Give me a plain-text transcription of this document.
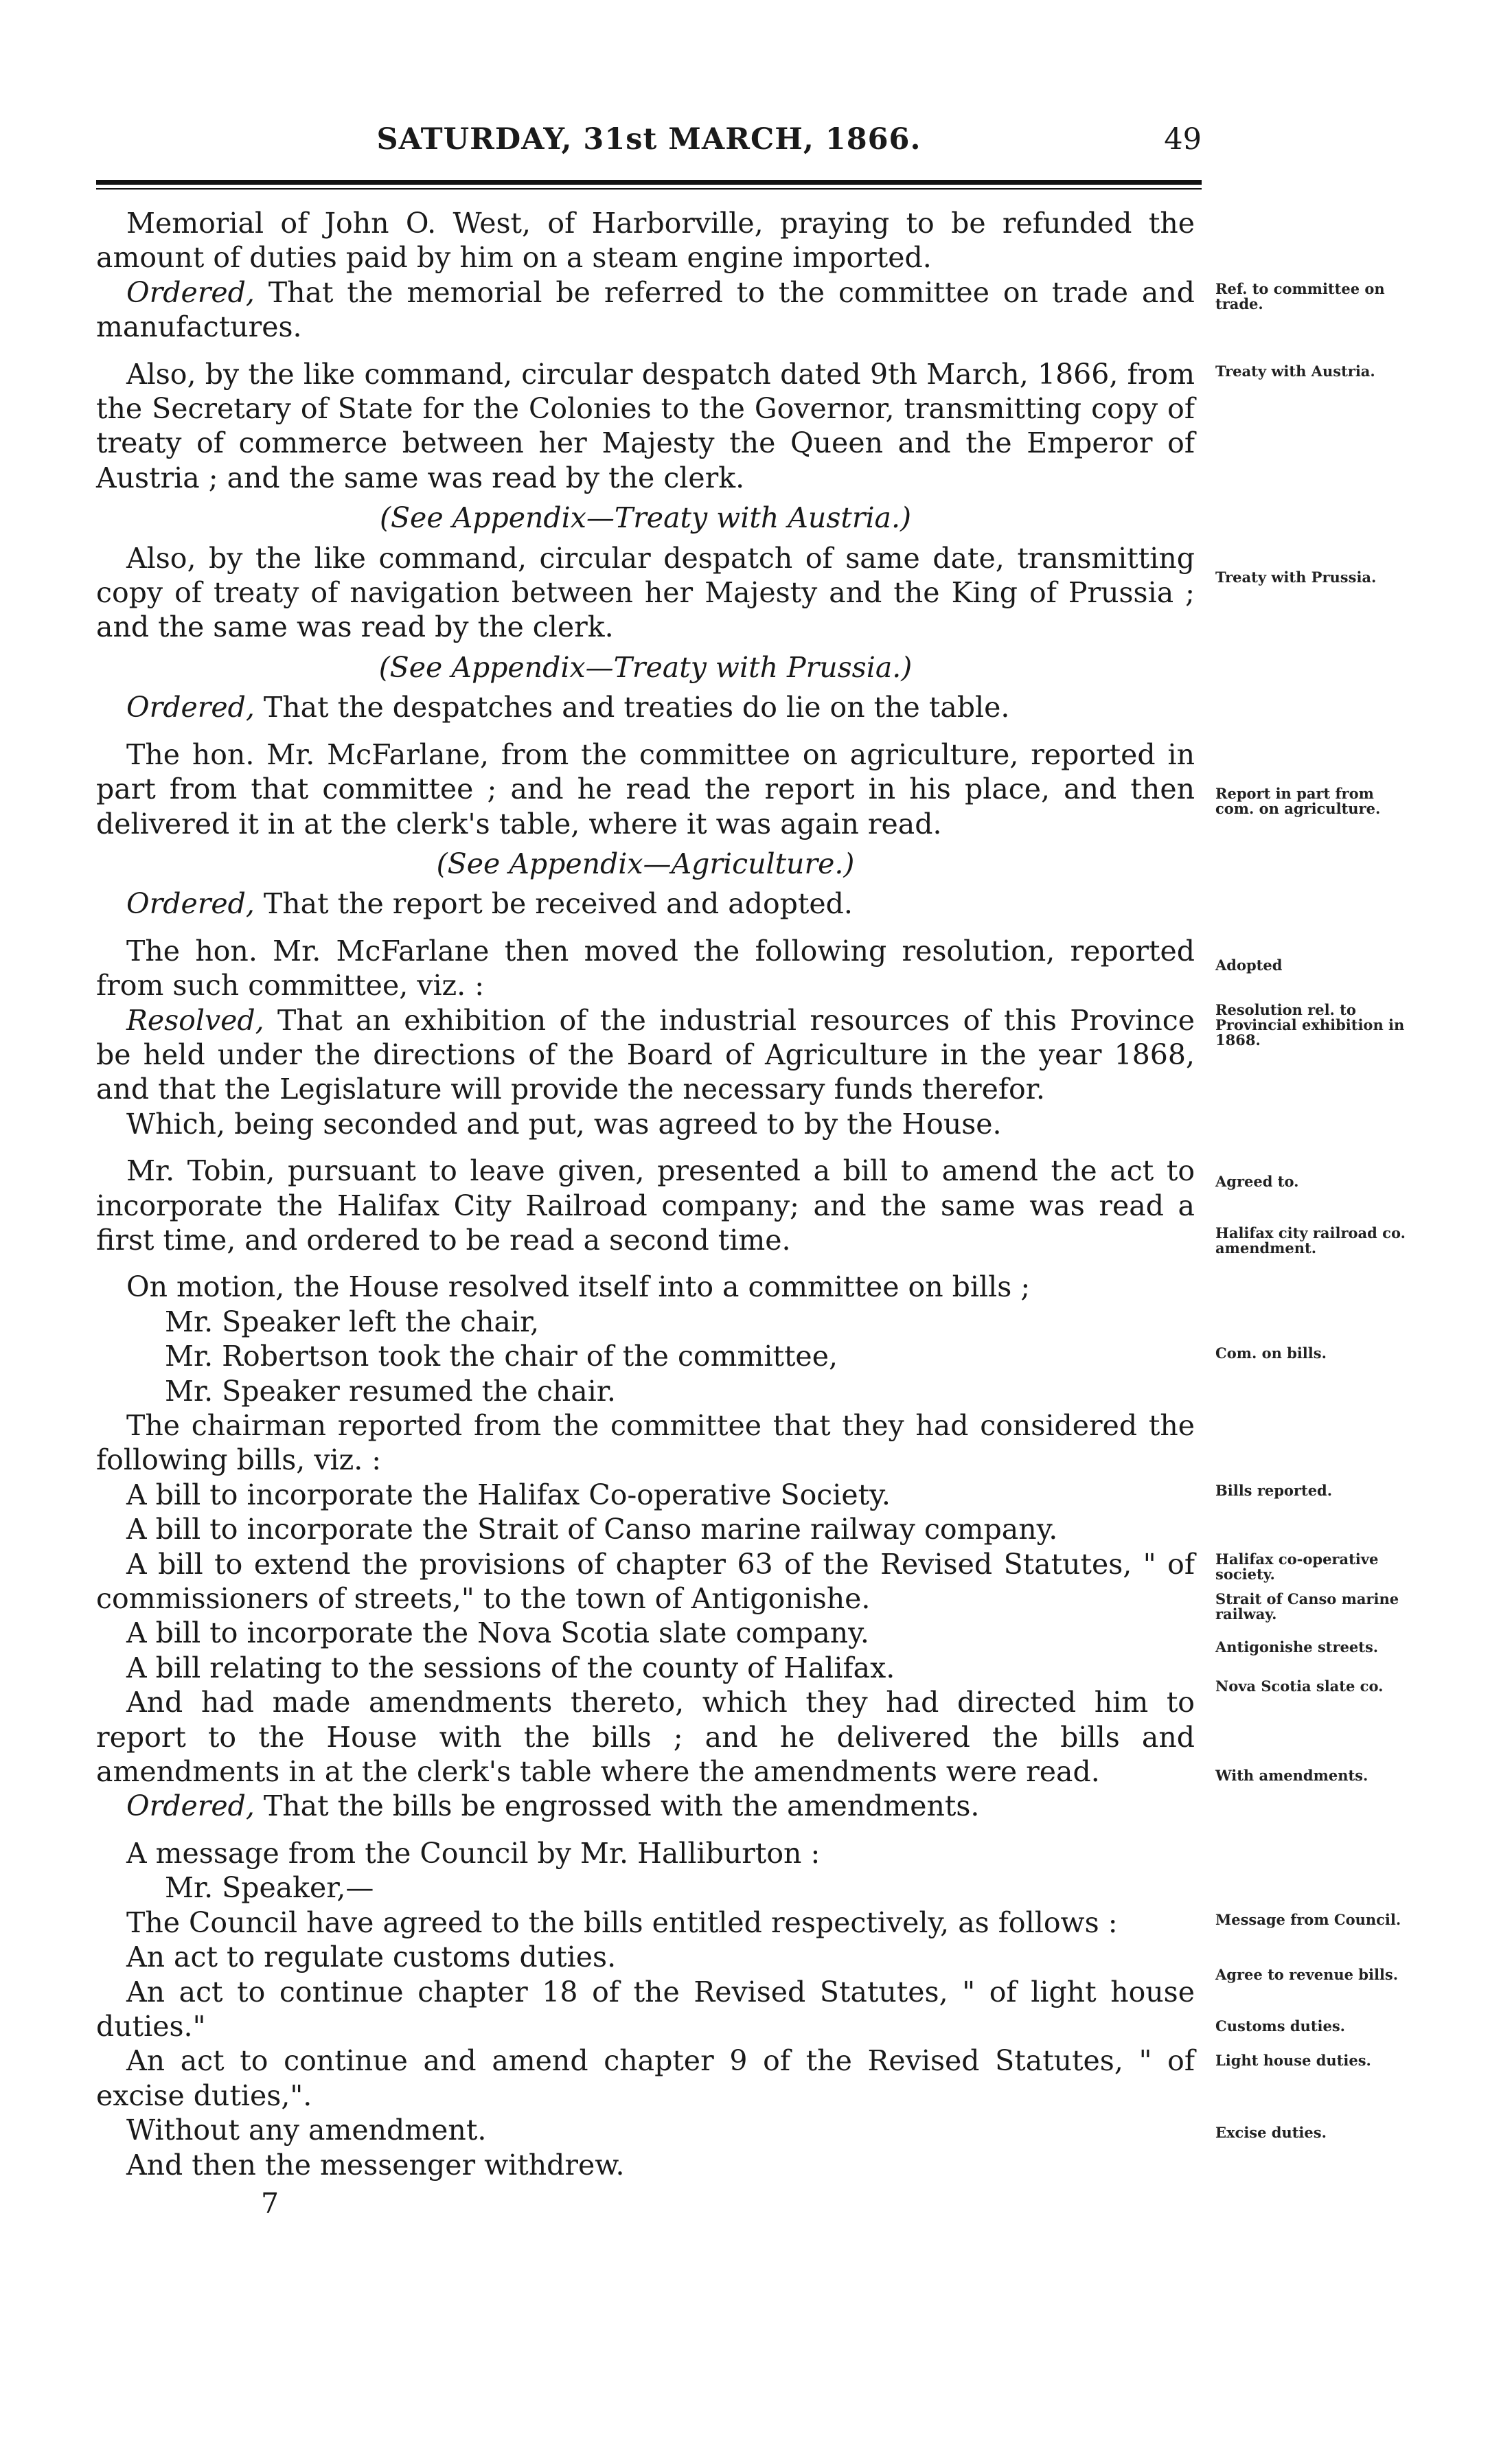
SATURDAY, 31st MARCH, 1866.	49

Memorial of John O. West, of Harborville, praying to be refunded the amount of duties paid by him on a steam engine imported.

Ordered, That the memorial be referred to the committee on trade and manufactures.

Also, by the like command, circular despatch dated 9th March, 1866, from the Secretary of State for the Colonies to the Governor, transmitting copy of treaty of commerce between her Majesty the Queen and the Emperor of Austria ; and the same was read by the clerk.

(See Appendix—Treaty with Austria.)

Also, by the like command, circular despatch of same date, transmitting copy of treaty of navigation between her Majesty and the King of Prussia ; and the same was read by the clerk.

(See Appendix—Treaty with Prussia.)

Ordered, That the despatches and treaties do lie on the table.

The hon. Mr. McFarlane, from the committee on agriculture, reported in part from that committee ; and he read the report in his place, and then delivered it in at the clerk's table, where it was again read.

(See Appendix—Agriculture.)

Ordered, That the report be received and adopted.

The hon. Mr. McFarlane then moved the following resolution, reported from such committee, viz. :

Resolved, That an exhibition of the industrial resources of this Province be held under the directions of the Board of Agriculture in the year 1868, and that the Legislature will provide the necessary funds therefor.

Which, being seconded and put, was agreed to by the House.

Mr. Tobin, pursuant to leave given, presented a bill to amend the act to incorporate the Halifax City Railroad company; and the same was read a first time, and ordered to be read a second time.

On motion, the House resolved itself into a committee on bills ;

Mr. Speaker left the chair,

Mr. Robertson took the chair of the committee,

Mr. Speaker resumed the chair.

The chairman reported from the committee that they had considered the following bills, viz. :

A bill to incorporate the Halifax Co-operative Society.

A bill to incorporate the Strait of Canso marine railway company.

A bill to extend the provisions of chapter 63 of the Revised Statutes, " of commissioners of streets," to the town of Antigonishe.

A bill to incorporate the Nova Scotia slate company.

A bill relating to the sessions of the county of Halifax.

And had made amendments thereto, which they had directed him to report to the House with the bills ; and he delivered the bills and amendments in at the clerk's table where the amendments were read.

Ordered, That the bills be engrossed with the amendments.

A message from the Council by Mr. Halliburton :

Mr. Speaker,—

The Council have agreed to the bills entitled respectively, as follows :

An act to regulate customs duties.

An act to continue chapter 18 of the Revised Statutes, " of light house duties."

An act to continue and amend chapter 9 of the Revised Statutes, " of excise duties,".

Without any amendment.

And then the messenger withdrew.

7

Ref. to committee on trade.
Treaty with Austria.
Treaty with Prussia.
Report in part from com. on agriculture.
Adopted
Resolution rel. to Provincial exhibition in 1868.
Agreed to.
Halifax city railroad co. amendment.
Com. on bills.
Bills reported.
Halifax co-operative society.
Strait of Canso marine railway.
Antigonishe streets.
Nova Scotia slate co.
With amendments.
Message from Council.
Agree to revenue bills.
Customs duties.
Light house duties.
Excise duties.
